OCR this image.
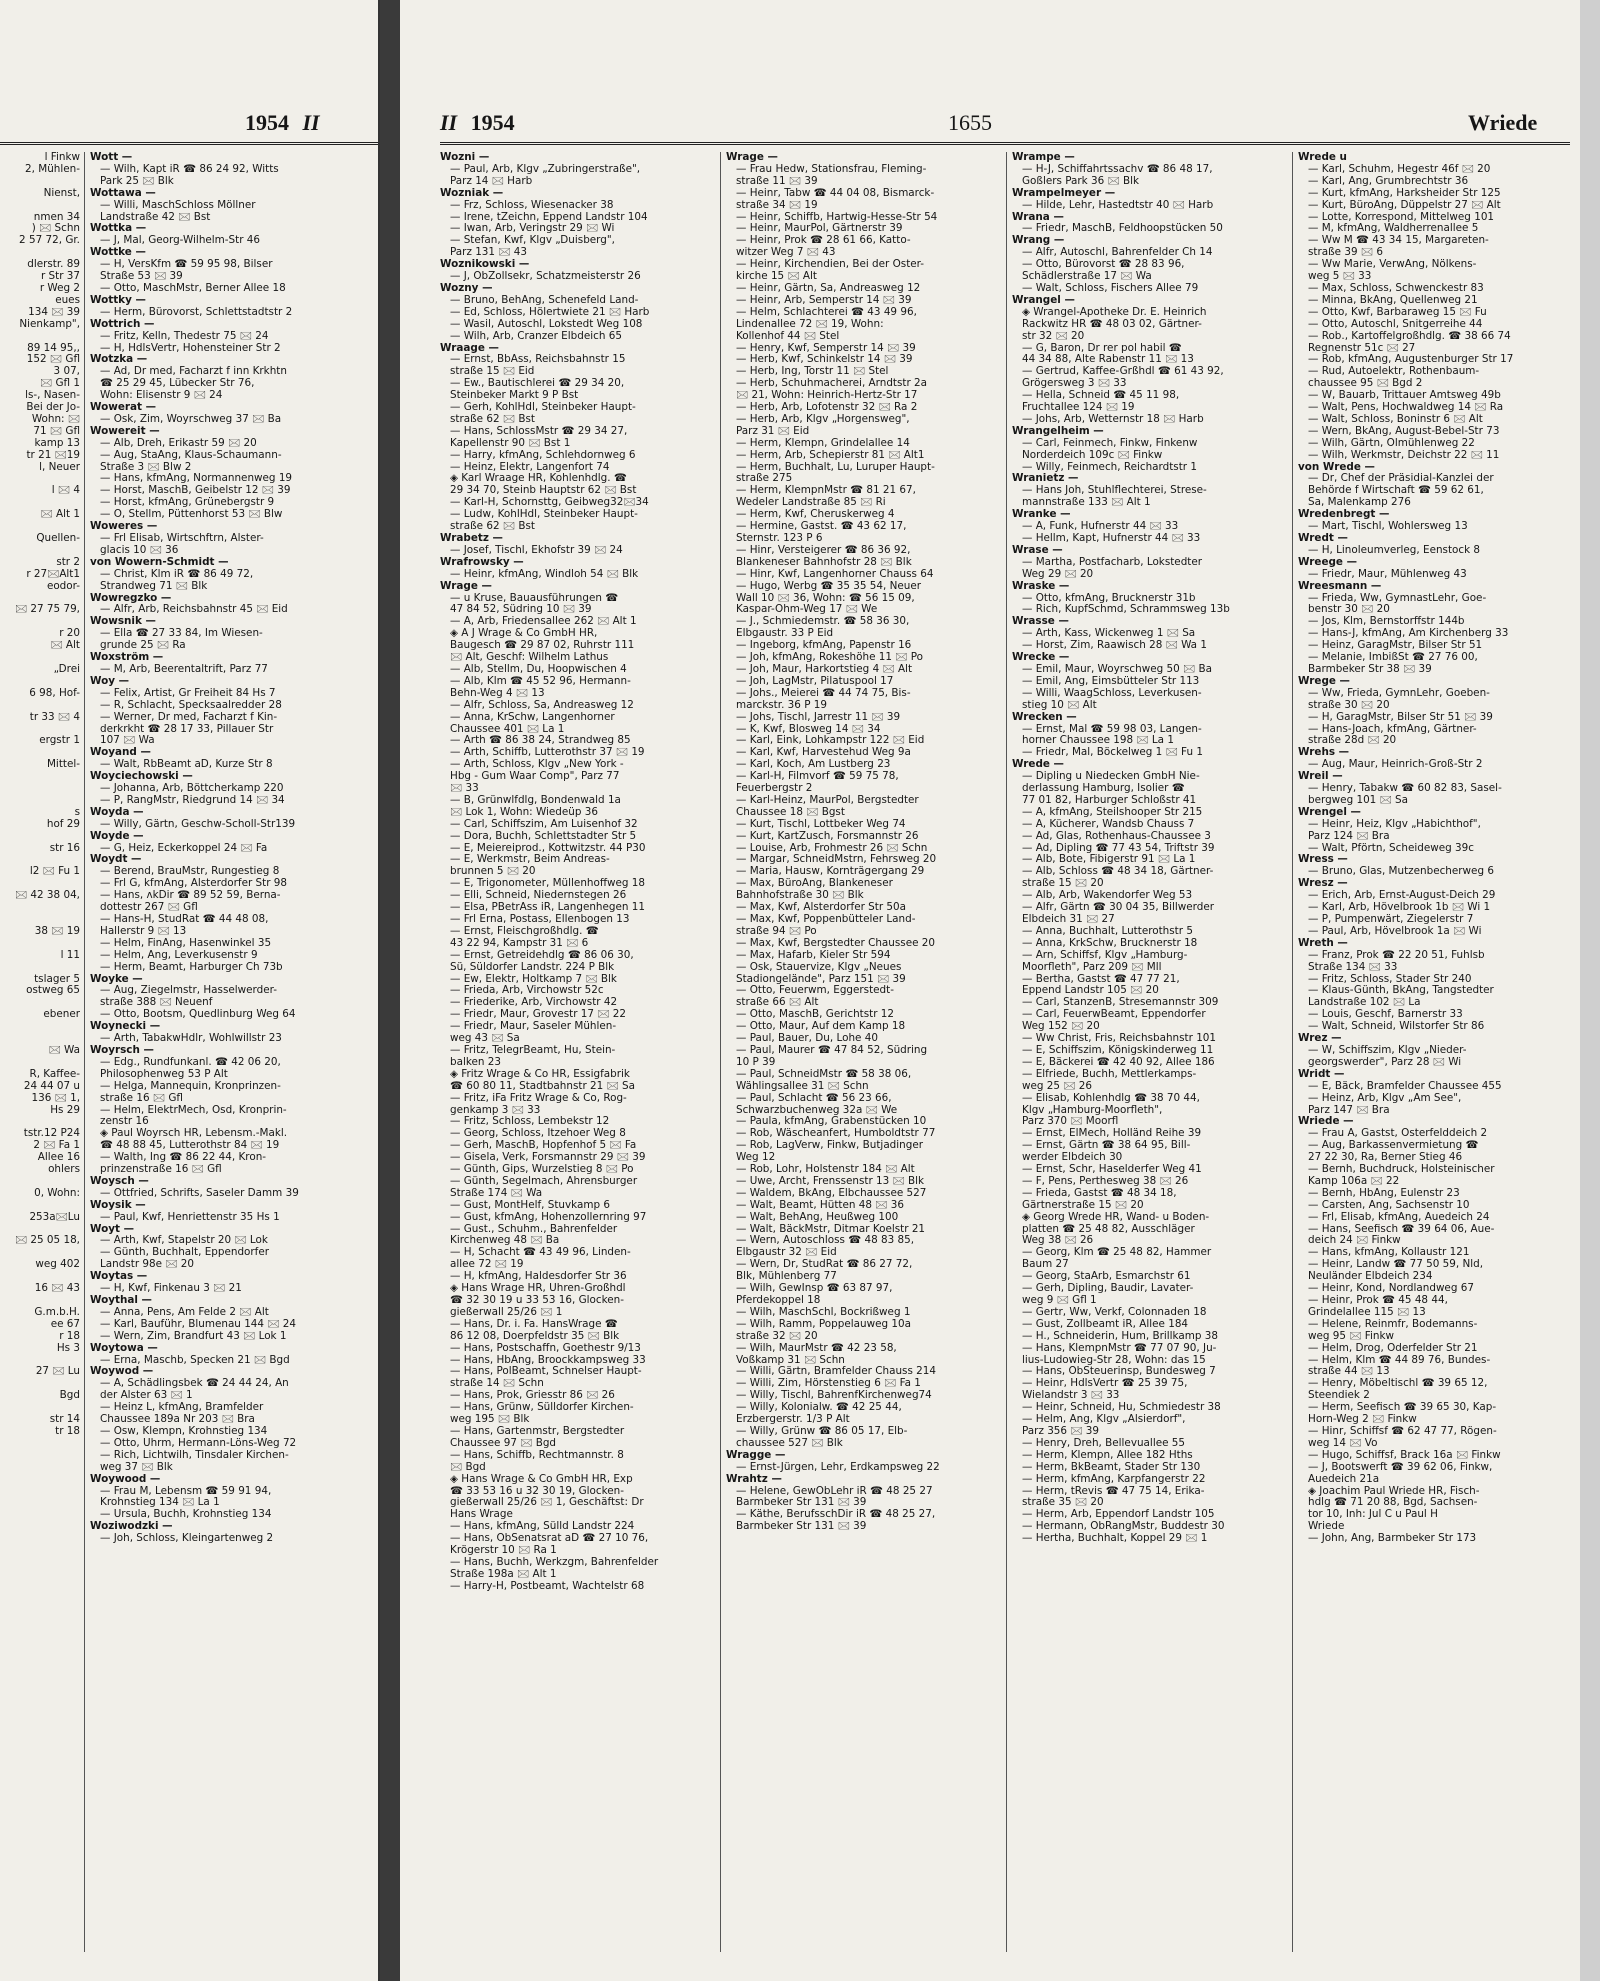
1954 II
l Finkw
2, Mühlen-

Nienst,

nmen 34
) 🖂 Schn
2 57 72, Gr.

dlerstr. 89
r Str 37
r Weg 2
eues
134 🖂 39
Nienkamp",

89 14 95,,
152 🖂 Gfl
3 07,
🖂 Gfl 1
ls-, Nasen-
Bei der Jo-
Wohn: 🖂
71 🖂 Gfl
kamp 13
tr 21 🖂19
l, Neuer

l 🖂 4

🖂 Alt 1

Quellen-

str 2
r 27🖂Alt1
eodor-

🖂 27 75 79,

r 20
🖂 Alt

„Drei

6 98, Hof-

tr 33 🖂 4

ergstr 1

Mittel-

s
hof 29

str 16

l2 🖂 Fu 1

🖂 42 38 04,

38 🖂 19

l 11

tslager 5
ostweg 65

ebener

🖂 Wa

R, Kaffee-
24 44 07 u
136 🖂 1,
Hs 29

tstr.12 P24
2 🖂 Fa 1
Allee 16
ohlers

0, Wohn:

253a🖂Lu

🖂 25 05 18,

weg 402

16 🖂 43

G.m.b.H.
ee 67
r 18
Hs 3

27 🖂 Lu

Bgd

str 14
tr 18
Wott —
— Wilh, Kapt iR ☎ 86 24 92, Witts
Park 25 🖂 Blk
Wottawa —
— Willi, MaschSchloss Möllner
Landstraße 42 🖂 Bst
Wottka —
— J, Mal, Georg-Wilhelm-Str 46
Wottke —
— H, VersKfm ☎ 59 95 98, Bilser
Straße 53 🖂 39
— Otto, MaschMstr, Berner Allee 18
Wottky —
— Herm, Bürovorst, Schlettstadtstr 2
Wottrich —
— Fritz, Kelln, Thedestr 75 🖂 24
— H, HdlsVertr, Hohensteiner Str 2
Wotzka —
— Ad, Dr med, Facharzt f inn Krkhtn
☎ 25 29 45, Lübecker Str 76,
Wohn: Elisenstr 9 🖂 24
Wowerat —
— Osk, Zim, Woyrschweg 37 🖂 Ba
Wowereit —
— Alb, Dreh, Erikastr 59 🖂 20
— Aug, StaAng, Klaus-Schaumann-
Straße 3 🖂 Blw 2
— Hans, kfmAng, Normannenweg 19
— Horst, MaschB, Geibelstr 12 🖂 39
— Horst, kfmAng, Grünebergstr 9
— O, Stellm, Püttenhorst 53 🖂 Blw
Woweres —
— Frl Elisab, Wirtschftrn, Alster-
glacis 10 🖂 36
von Wowern-Schmidt —
— Christ, Klm iR ☎ 86 49 72,
Strandweg 71 🖂 Blk
Wowregzko —
— Alfr, Arb, Reichsbahnstr 45 🖂 Eid
Wowsnik —
— Ella ☎ 27 33 84, Im Wiesen-
grunde 25 🖂 Ra
Woxström —
— M, Arb, Beerentaltrift, Parz 77
Woy —
— Felix, Artist, Gr Freiheit 84 Hs 7
— R, Schlacht, Specksaalredder 28
— Werner, Dr med, Facharzt f Kin-
derkrkht ☎ 28 17 33, Pillauer Str
107 🖂 Wa
Woyand —
— Walt, RbBeamt aD, Kurze Str 8
Woyciechowski —
— Johanna, Arb, Böttcherkamp 220
— P, RangMstr, Riedgrund 14 🖂 34
Woyda —
— Willy, Gärtn, Geschw-Scholl-Str139
Woyde —
— G, Heiz, Eckerkoppel 24 🖂 Fa
Woydt —
— Berend, BrauMstr, Rungestieg 8
— Frl G, kfmAng, Alsterdorfer Str 98
— Hans, ᴧkDir ☎ 89 52 59, Berna-
dottestr 267 🖂 Gfl
— Hans-H, StudRat ☎ 44 48 08,
Hallerstr 9 🖂 13
— Helm, FinAng, Hasenwinkel 35
— Helm, Ang, Leverkusenstr 9
— Herm, Beamt, Harburger Ch 73b
Woyke —
— Aug, Ziegelmstr, Hasselwerder-
straße 388 🖂 Neuenf
— Otto, Bootsm, Quedlinburg Weg 64
Woynecki —
— Arth, TabakwHdlr, Wohlwillstr 23
Woyrsch —
— Edg., Rundfunkanl. ☎ 42 06 20,
Philosophenweg 53 P Alt
— Helga, Mannequin, Kronprinzen-
straße 16 🖂 Gfl
— Helm, ElektrMech, Osd, Kronprin-
zenstr 16
◈ Paul Woyrsch HR, Lebensm.-Makl.
☎ 48 88 45, Lutterothstr 84 🖂 19
— Walth, Ing ☎ 86 22 44, Kron-
prinzenstraße 16 🖂 Gfl
Woysch —
— Ottfried, Schrifts, Saseler Damm 39
Woysik —
— Paul, Kwf, Henriettenstr 35 Hs 1
Woyt —
— Arth, Kwf, Stapelstr 20 🖂 Lok
— Günth, Buchhalt, Eppendorfer
Landstr 98e 🖂 20
Woytas —
— H, Kwf, Finkenau 3 🖂 21
Woythal —
— Anna, Pens, Am Felde 2 🖂 Alt
— Karl, Bauführ, Blumenau 144 🖂 24
— Wern, Zim, Brandfurt 43 🖂 Lok 1
Woytowa —
— Erna, Maschb, Specken 21 🖂 Bgd
Woywod —
— A, Schädlingsbek ☎ 24 44 24, An
der Alster 63 🖂 1
— Heinz L, kfmAng, Bramfelder
Chaussee 189a Nr 203 🖂 Bra
— Osw, Klempn, Krohnstieg 134
— Otto, Uhrm, Hermann-Löns-Weg 72
— Rich, Lichtwilh, Tinsdaler Kirchen-
weg 37 🖂 Blk
Woywood —
— Frau M, Lebensm ☎ 59 91 94,
Krohnstieg 134 🖂 La 1
— Ursula, Buchh, Krohnstieg 134
Woziwodzki —
— Joh, Schloss, Kleingartenweg 2
II 1954	1655	Wriede
Wozni —
— Paul, Arb, Klgv „Zubringerstraße",
Parz 14 🖂 Harb
Wozniak —
— Frz, Schloss, Wiesenacker 38
— Irene, tZeichn, Eppend Landstr 104
— Iwan, Arb, Veringstr 29 🖂 Wi
— Stefan, Kwf, Klgv „Duisberg",
Parz 131 🖂 43
Woznikowski —
— J, ObZollsekr, Schatzmeisterstr 26
Wozny —
— Bruno, BehAng, Schenefeld Land-
— Ed, Schloss, Hölertwiete 21 🖂 Harb
— Wasil, Autoschl, Lokstedt Weg 108
— Wilh, Arb, Cranzer Elbdeich 65
Wraage —
— Ernst, BbAss, Reichsbahnstr 15
straße 15 🖂 Eid
— Ew., Bautischlerei ☎ 29 34 20,
Steinbeker Markt 9 P Bst
— Gerh, KohlHdl, Steinbeker Haupt-
straße 62 🖂 Bst
— Hans, SchlossMstr ☎ 29 34 27,
Kapellenstr 90 🖂 Bst 1
— Harry, kfmAng, Schlehdornweg 6
— Heinz, Elektr, Langenfort 74
◈ Karl Wraage HR, Kohlenhdlg. ☎
29 34 70, Steinb Hauptstr 62 🖂 Bst
— Karl-H, Schornsttg, Geibweg32🖂34
— Ludw, KohlHdl, Steinbeker Haupt-
straße 62 🖂 Bst
Wrabetz —
— Josef, Tischl, Ekhofstr 39 🖂 24
Wrafrowsky —
— Heinr, kfmAng, Windloh 54 🖂 Blk
Wrage —
— u Kruse, Bauausführungen ☎
47 84 52, Südring 10 🖂 39
— A, Arb, Friedensallee 262 🖂 Alt 1
◈ A J Wrage & Co GmbH HR,
Baugesch ☎ 29 87 02, Ruhrstr 111
🖂 Alt, Geschf: Wilhelm Lathus
— Alb, Stellm, Du, Hoopwischen 4
— Alb, Klm ☎ 45 52 96, Hermann-
Behn-Weg 4 🖂 13
— Alfr, Schloss, Sa, Andreasweg 12
— Anna, KrSchw, Langenhorner
Chaussee 401 🖂 La 1
— Arth ☎ 86 38 24, Strandweg 85
— Arth, Schiffb, Lutterothstr 37 🖂 19
— Arth, Schloss, Klgv „New York -
Hbg - Gum Waar Comp", Parz 77
🖂 33
— B, Grünwlfdlg, Bondenwald 1a
🖂 Lok 1, Wohn: Wiedeüp 36
— Carl, Schiffszim, Am Luisenhof 32
— Dora, Buchh, Schlettstadter Str 5
— E, Meiereiprod., Kottwitzstr. 44 P30
— E, Werkmstr, Beim Andreas-
brunnen 5 🖂 20
— E, Trigonometer, Müllenhoffweg 18
— Elli, Schneid, Niedernstegen 26
— Elsa, PBetrAss iR, Langenhegen 11
— Frl Erna, Postass, Ellenbogen 13
— Ernst, Fleischgroßhdlg. ☎
43 22 94, Kampstr 31 🖂 6
— Ernst, Getreidehdlg ☎ 86 06 30,
Sü, Süldorfer Landstr. 224 P Blk
— Ew, Elektr, Holtkamp 7 🖂 Blk
— Frieda, Arb, Virchowstr 52c
— Friederike, Arb, Virchowstr 42
— Friedr, Maur, Grovestr 17 🖂 22
— Friedr, Maur, Saseler Mühlen-
weg 43 🖂 Sa
— Fritz, TelegrBeamt, Hu, Stein-
balken 23
◈ Fritz Wrage & Co HR, Essigfabrik
☎ 60 80 11, Stadtbahnstr 21 🖂 Sa
— Fritz, iFa Fritz Wrage & Co, Rog-
genkamp 3 🖂 33
— Fritz, Schloss, Lembekstr 12
— Georg, Schloss, Itzehoer Weg 8
— Gerh, MaschB, Hopfenhof 5 🖂 Fa
— Gisela, Verk, Forsmannstr 29 🖂 39
— Günth, Gips, Wurzelstieg 8 🖂 Po
— Günth, Segelmach, Ahrensburger
Straße 174 🖂 Wa
— Gust, MontHelf, Stuvkamp 6
— Gust, kfmAng, Hohenzollernring 97
— Gust., Schuhm., Bahrenfelder
Kirchenweg 48 🖂 Ba
— H, Schacht ☎ 43 49 96, Linden-
allee 72 🖂 19
— H, kfmAng, Haldesdorfer Str 36
◈ Hans Wrage HR, Uhren-Großhdl
☎ 32 30 19 u 33 53 16, Glocken-
gießerwall 25/26 🖂 1
— Hans, Dr. i. Fa. HansWrage ☎
86 12 08, Doerpfeldstr 35 🖂 Blk
— Hans, Postschaffn, Goethestr 9/13
— Hans, HbAng, Broockkampsweg 33
— Hans, PolBeamt, Schnelser Haupt-
straße 14 🖂 Schn
— Hans, Prok, Griesstr 86 🖂 26
— Hans, Grünw, Sülldorfer Kirchen-
weg 195 🖂 Blk
— Hans, Gartenmstr, Bergstedter
Chaussee 97 🖂 Bgd
— Hans, Schiffb, Rechtmannstr. 8
🖂 Bgd
◈ Hans Wrage & Co GmbH HR, Exp
☎ 33 53 16 u 32 30 19, Glocken-
gießerwall 25/26 🖂 1, Geschäftst: Dr
Hans Wrage
— Hans, kfmAng, Sülld Landstr 224
— Hans, ObSenatsrat aD ☎ 27 10 76,
Krögerstr 10 🖂 Ra 1
— Hans, Buchh, Werkzgm, Bahrenfelder
Straße 198a 🖂 Alt 1
— Harry-H, Postbeamt, Wachtelstr 68
Wrage —
— Frau Hedw, Stationsfrau, Fleming-
straße 11 🖂 39
— Heinr, Tabw ☎ 44 04 08, Bismarck-
straße 34 🖂 19
— Heinr, Schiffb, Hartwig-Hesse-Str 54
— Heinr, MaurPol, Gärtnerstr 39
— Heinr, Prok ☎ 28 61 66, Katto-
witzer Weg 7 🖂 43
— Heinr, Kirchendien, Bei der Oster-
kirche 15 🖂 Alt
— Heinr, Gärtn, Sa, Andreasweg 12
— Heinr, Arb, Semperstr 14 🖂 39
— Helm, Schlachterei ☎ 43 49 96,
Lindenallee 72 🖂 19, Wohn:
Kollenhof 44 🖂 Stel
— Henry, Kwf, Semperstr 14 🖂 39
— Herb, Kwf, Schinkelstr 14 🖂 39
— Herb, Ing, Torstr 11 🖂 Stel
— Herb, Schuhmacherei, Arndtstr 2a
🖂 21, Wohn: Heinrich-Hertz-Str 17
— Herb, Arb, Lofotenstr 32 🖂 Ra 2
— Herb, Arb, Klgv „Horgensweg",
Parz 31 🖂 Eid
— Herm, Klempn, Grindelallee 14
— Herm, Arb, Schepierstr 81 🖂 Alt1
— Herm, Buchhalt, Lu, Luruper Haupt-
straße 275
— Herm, KlempnMstr ☎ 81 21 67,
Wedeler Landstraße 85 🖂 Ri
— Herm, Kwf, Cheruskerweg 4
— Hermine, Gastst. ☎ 43 62 17,
Sternstr. 123 P 6
— Hinr, Versteigerer ☎ 86 36 92,
Blankeneser Bahnhofstr 28 🖂 Blk
— Hinr, Kwf, Langenhorner Chauss 64
— Hugo, Werbg ☎ 35 35 54, Neuer
Wall 10 🖂 36, Wohn: ☎ 56 15 09,
Kaspar-Ohm-Weg 17 🖂 We
— J., Schmiedemstr. ☎ 58 36 30,
Elbgaustr. 33 P Eid
— Ingeborg, kfmAng, Papenstr 16
— Joh, kfmAng, Rokeshöhe 11 🖂 Po
— Joh, Maur, Harkortstieg 4 🖂 Alt
— Joh, LagMstr, Pilatuspool 17
— Johs., Meierei ☎ 44 74 75, Bis-
marckstr. 36 P 19
— Johs, Tischl, Jarrestr 11 🖂 39
— K, Kwf, Blosweg 14 🖂 34
— Karl, Eink, Lohkampstr 122 🖂 Eid
— Karl, Kwf, Harvestehud Weg 9a
— Karl, Koch, Am Lustberg 23
— Karl-H, Filmvorf ☎ 59 75 78,
Feuerbergstr 2
— Karl-Heinz, MaurPol, Bergstedter
Chaussee 18 🖂 Bgst
— Kurt, Tischl, Lottbeker Weg 74
— Kurt, KartZusch, Forsmannstr 26
— Louise, Arb, Frohmestr 26 🖂 Schn
— Margar, SchneidMstrn, Fehrsweg 20
— Maria, Hausw, Kornträgergang 29
— Max, BüroAng, Blankeneser
Bahnhofstraße 30 🖂 Blk
— Max, Kwf, Alsterdorfer Str 50a
— Max, Kwf, Poppenbütteler Land-
straße 94 🖂 Po
— Max, Kwf, Bergstedter Chaussee 20
— Max, Hafarb, Kieler Str 594
— Osk, Stauervize, Klgv „Neues
Stadiongelände", Parz 151 🖂 39
— Otto, Feuerwm, Eggerstedt-
straße 66 🖂 Alt
— Otto, MaschB, Gerichtstr 12
— Otto, Maur, Auf dem Kamp 18
— Paul, Bauer, Du, Lohe 40
— Paul, Maurer ☎ 47 84 52, Südring
10 P 39
— Paul, SchneidMstr ☎ 58 38 06,
Wählingsallee 31 🖂 Schn
— Paul, Schlacht ☎ 56 23 66,
Schwarzbuchenweg 32a 🖂 We
— Paula, kfmAng, Grabenstücken 10
— Rob, Wäscheanfert, Humboldtstr 77
— Rob, LagVerw, Finkw, Butjadinger
Weg 12
— Rob, Lohr, Holstenstr 184 🖂 Alt
— Uwe, Archt, Frenssenstr 13 🖂 Blk
— Waldem, BkAng, Elbchaussee 527
— Walt, Beamt, Hütten 48 🖂 36
— Walt, BehAng, Heußweg 100
— Walt, BäckMstr, Ditmar Koelstr 21
— Wern, Autoschloss ☎ 48 83 85,
Elbgaustr 32 🖂 Eid
— Wern, Dr, StudRat ☎ 86 27 72,
Blk, Mühlenberg 77
— Wilh, GewInsp ☎ 63 87 97,
Pferdekoppel 18
— Wilh, MaschSchl, Bockrißweg 1
— Wilh, Ramm, Poppelauweg 10a
straße 32 🖂 20
— Wilh, MaurMstr ☎ 42 23 58,
Voßkamp 31 🖂 Schn
— Willi, Gärtn, Bramfelder Chauss 214
— Willi, Zim, Hörstenstieg 6 🖂 Fa 1
— Willy, Tischl, BahrenfKirchenweg74
— Willy, Kolonialw. ☎ 42 25 44,
Erzbergerstr. 1/3 P Alt
— Willy, Grünw ☎ 86 05 17, Elb-
chaussee 527 🖂 Blk
Wragge —
— Ernst-Jürgen, Lehr, Erdkampsweg 22
Wrahtz —
— Helene, GewObLehr iR ☎ 48 25 27
Barmbeker Str 131 🖂 39
— Käthe, BerufsschDir iR ☎ 48 25 27,
Barmbeker Str 131 🖂 39
Wrampe —
— H-J, Schiffahrtssachv ☎ 86 48 17,
Goßlers Park 36 🖂 Blk
Wrampelmeyer —
— Hilde, Lehr, Hastedtstr 40 🖂 Harb
Wrana —
— Friedr, MaschB, Feldhoopstücken 50
Wrang —
— Alfr, Autoschl, Bahrenfelder Ch 14
— Otto, Bürovorst ☎ 28 83 96,
Schädlerstraße 17 🖂 Wa
— Walt, Schloss, Fischers Allee 79
Wrangel —
◈ Wrangel-Apotheke Dr. E. Heinrich
Rackwitz HR ☎ 48 03 02, Gärtner-
str 32 🖂 20
— G, Baron, Dr rer pol habil ☎
44 34 88, Alte Rabenstr 11 🖂 13
— Gertrud, Kaffee-Grßhdl ☎ 61 43 92,
Grögersweg 3 🖂 33
— Hella, Schneid ☎ 45 11 98,
Fruchtallee 124 🖂 19
— Johs, Arb, Wetternstr 18 🖂 Harb
Wrangelheim —
— Carl, Feinmech, Finkw, Finkenw
Norderdeich 109c 🖂 Finkw
— Willy, Feinmech, Reichardtstr 1
Wranietz —
— Hans Joh, Stuhlflechterei, Strese-
mannstraße 133 🖂 Alt 1
Wranke —
— A, Funk, Hufnerstr 44 🖂 33
— Hellm, Kapt, Hufnerstr 44 🖂 33
Wrase —
— Martha, Postfacharb, Lokstedter
Weg 29 🖂 20
Wraske —
— Otto, kfmAng, Brucknerstr 31b
— Rich, KupfSchmd, Schrammsweg 13b
Wrasse —
— Arth, Kass, Wickenweg 1 🖂 Sa
— Horst, Zim, Raawisch 28 🖂 Wa 1
Wrecke —
— Emil, Maur, Woyrschweg 50 🖂 Ba
— Emil, Ang, Eimsbütteler Str 113
— Willi, WaagSchloss, Leverkusen-
stieg 10 🖂 Alt
Wrecken —
— Ernst, Mal ☎ 59 98 03, Langen-
horner Chaussee 198 🖂 La 1
— Friedr, Mal, Böckelweg 1 🖂 Fu 1
Wrede —
— Dipling u Niedecken GmbH Nie-
derlassung Hamburg, Isolier ☎
77 01 82, Harburger Schloßstr 41
— A, kfmAng, Steilshooper Str 215
— A, Kücherer, Wandsb Chauss 7
— Ad, Glas, Rothenhaus-Chaussee 3
— Ad, Dipling ☎ 77 43 54, Triftstr 39
— Alb, Bote, Fibigerstr 91 🖂 La 1
— Alb, Schloss ☎ 48 34 18, Gärtner-
straße 15 🖂 20
— Alb, Arb, Wakendorfer Weg 53
— Alfr, Gärtn ☎ 30 04 35, Billwerder
Elbdeich 31 🖂 27
— Anna, Buchhalt, Lutterothstr 5
— Anna, KrkSchw, Brucknerstr 18
— Arn, Schiffsf, Klgv „Hamburg-
Moorfleth", Parz 209 🖂 Mll
— Bertha, Gastst ☎ 47 77 21,
Eppend Landstr 105 🖂 20
— Carl, StanzenB, Stresemannstr 309
— Carl, FeuerwBeamt, Eppendorfer
Weg 152 🖂 20
— Ww Christ, Fris, Reichsbahnstr 101
— E, Schiffszim, Königskinderweg 11
— E, Bäckerei ☎ 42 40 92, Allee 186
— Elfriede, Buchh, Mettlerkamps-
weg 25 🖂 26
— Elisab, Kohlenhdlg ☎ 38 70 44,
Klgv „Hamburg-Moorfleth",
Parz 370 🖂 Moorfl
— Ernst, ElMech, Holländ Reihe 39
— Ernst, Gärtn ☎ 38 64 95, Bill-
werder Elbdeich 30
— Ernst, Schr, Haselderfer Weg 41
— F, Pens, Perthesweg 38 🖂 26
— Frieda, Gastst ☎ 48 34 18,
Gärtnerstraße 15 🖂 20
◈ Georg Wrede HR, Wand- u Boden-
platten ☎ 25 48 82, Ausschläger
Weg 38 🖂 26
— Georg, Klm ☎ 25 48 82, Hammer
Baum 27
— Georg, StaArb, Esmarchstr 61
— Gerh, Dipling, Baudir, Lavater-
weg 9 🖂 Gfl 1
— Gertr, Ww, Verkf, Colonnaden 18
— Gust, Zollbeamt iR, Allee 184
— H., Schneiderin, Hum, Brillkamp 38
— Hans, KlempnMstr ☎ 77 07 90, Ju-
lius-Ludowieg-Str 28, Wohn: das 15
— Hans, ObSteuerinsp, Bundesweg 7
— Heinr, HdlsVertr ☎ 25 39 75,
Wielandstr 3 🖂 33
— Heinr, Schneid, Hu, Schmiedestr 38
— Helm, Ang, Klgv „Alsierdorf",
Parz 356 🖂 39
— Henry, Dreh, Bellevuallee 55
— Herm, Klempn, Allee 182 Hths
— Herm, BkBeamt, Stader Str 130
— Herm, kfmAng, Karpfangerstr 22
— Herm, tRevis ☎ 47 75 14, Erika-
straße 35 🖂 20
— Herm, Arb, Eppendorf Landstr 105
— Hermann, ObRangMstr, Buddestr 30
— Hertha, Buchhalt, Koppel 29 🖂 1
Wrede u
— Karl, Schuhm, Hegestr 46f 🖂 20
— Karl, Ang, Grumbrechtstr 36
— Kurt, kfmAng, Harksheider Str 125
— Kurt, BüroAng, Düppelstr 27 🖂 Alt
— Lotte, Korrespond, Mittelweg 101
— M, kfmAng, Waldherrenallee 5
— Ww M ☎ 43 34 15, Margareten-
straße 39 🖂 6
— Ww Marie, VerwAng, Nölkens-
weg 5 🖂 33
— Max, Schloss, Schwenckestr 83
— Minna, BkAng, Quellenweg 21
— Otto, Kwf, Barbaraweg 15 🖂 Fu
— Otto, Autoschl, Snitgerreihe 44
— Rob., Kartoffelgroßhdlg. ☎ 38 66 74
Regnenstr 51c 🖂 27
— Rob, kfmAng, Augustenburger Str 17
— Rud, Autoelektr, Rothenbaum-
chaussee 95 🖂 Bgd 2
— W, Bauarb, Trittauer Amtsweg 49b
— Walt, Pens, Hochwaldweg 14 🖂 Ra
— Walt, Schloss, Boninstr 6 🖂 Alt
— Wern, BkAng, August-Bebel-Str 73
— Wilh, Gärtn, Olmühlenweg 22
— Wilh, Werkmstr, Deichstr 22 🖂 11
von Wrede —
— Dr, Chef der Präsidial-Kanzlei der
Behörde f Wirtschaft ☎ 59 62 61,
Sa, Malenkamp 276
Wredenbregt —
— Mart, Tischl, Wohlersweg 13
Wredt —
— H, Linoleumverleg, Eenstock 8
Wreege —
— Friedr, Maur, Mühlenweg 43
Wreesmann —
— Frieda, Ww, GymnastLehr, Goe-
benstr 30 🖂 20
— Jos, Klm, Bernstorffstr 144b
— Hans-J, kfmAng, Am Kirchenberg 33
— Heinz, GaragMstr, Bilser Str 51
— Melanie, ImbißSt ☎ 27 76 00,
Barmbeker Str 38 🖂 39
Wrege —
— Ww, Frieda, GymnLehr, Goeben-
straße 30 🖂 20
— H, GaragMstr, Bilser Str 51 🖂 39
— Hans-Joach, kfmAng, Gärtner-
straße 28d 🖂 20
Wrehs —
— Aug, Maur, Heinrich-Groß-Str 2
Wreil —
— Henry, Tabakw ☎ 60 82 83, Sasel-
bergweg 101 🖂 Sa
Wrengel —
— Heinr, Heiz, Klgv „Habichthof",
Parz 124 🖂 Bra
— Walt, Pförtn, Scheideweg 39c
Wress —
— Bruno, Glas, Mutzenbecherweg 6
Wresz —
— Erich, Arb, Ernst-August-Deich 29
— Karl, Arb, Hövelbrook 1b 🖂 Wi 1
— P, Pumpenwärt, Ziegelerstr 7
— Paul, Arb, Hövelbrook 1a 🖂 Wi
Wreth —
— Franz, Prok ☎ 22 20 51, Fuhlsb
Straße 134 🖂 33
— Fritz, Schloss, Stader Str 240
— Klaus-Günth, BkAng, Tangstedter
Landstraße 102 🖂 La
— Louis, Geschf, Barnerstr 33
— Walt, Schneid, Wilstorfer Str 86
Wrez —
— W, Schiffszim, Klgv „Nieder-
georgswerder", Parz 28 🖂 Wi
Wridt —
— E, Bäck, Bramfelder Chaussee 455
— Heinz, Arb, Klgv „Am See",
Parz 147 🖂 Bra
Wriede —
— Frau A, Gastst, Osterfelddeich 2
— Aug, Barkassenvermietung ☎
27 22 30, Ra, Berner Stieg 46
— Bernh, Buchdruck, Holsteinischer
Kamp 106a 🖂 22
— Bernh, HbAng, Eulenstr 23
— Carsten, Ang, Sachsenstr 10
— Frl, Elisab, kfmAng, Auedeich 24
— Hans, Seefisch ☎ 39 64 06, Aue-
deich 24 🖂 Finkw
— Hans, kfmAng, Kollaustr 121
— Heinr, Landw ☎ 77 50 59, Nld,
Neuländer Elbdeich 234
— Heinr, Kond, Nordlandweg 67
— Heinr, Prok ☎ 45 48 44,
Grindelallee 115 🖂 13
— Helene, Reinmfr, Bodemanns-
weg 95 🖂 Finkw
— Helm, Drog, Oderfelder Str 21
— Helm, Klm ☎ 44 89 76, Bundes-
straße 44 🖂 13
— Henry, Möbeltischl ☎ 39 65 12,
Steendiek 2
— Herm, Seefisch ☎ 39 65 30, Kap-
Horn-Weg 2 🖂 Finkw
— Hinr, Schiffsf ☎ 62 47 77, Rögen-
weg 14 🖂 Vo
— Hugo, Schiffsf, Brack 16a 🖂 Finkw
— J, Bootswerft ☎ 39 62 06, Finkw,
Auedeich 21a
◈ Joachim Paul Wriede HR, Fisch-
hdlg ☎ 71 20 88, Bgd, Sachsen-
tor 10, Inh: Jul C u Paul H
Wriede
— John, Ang, Barmbeker Str 173
